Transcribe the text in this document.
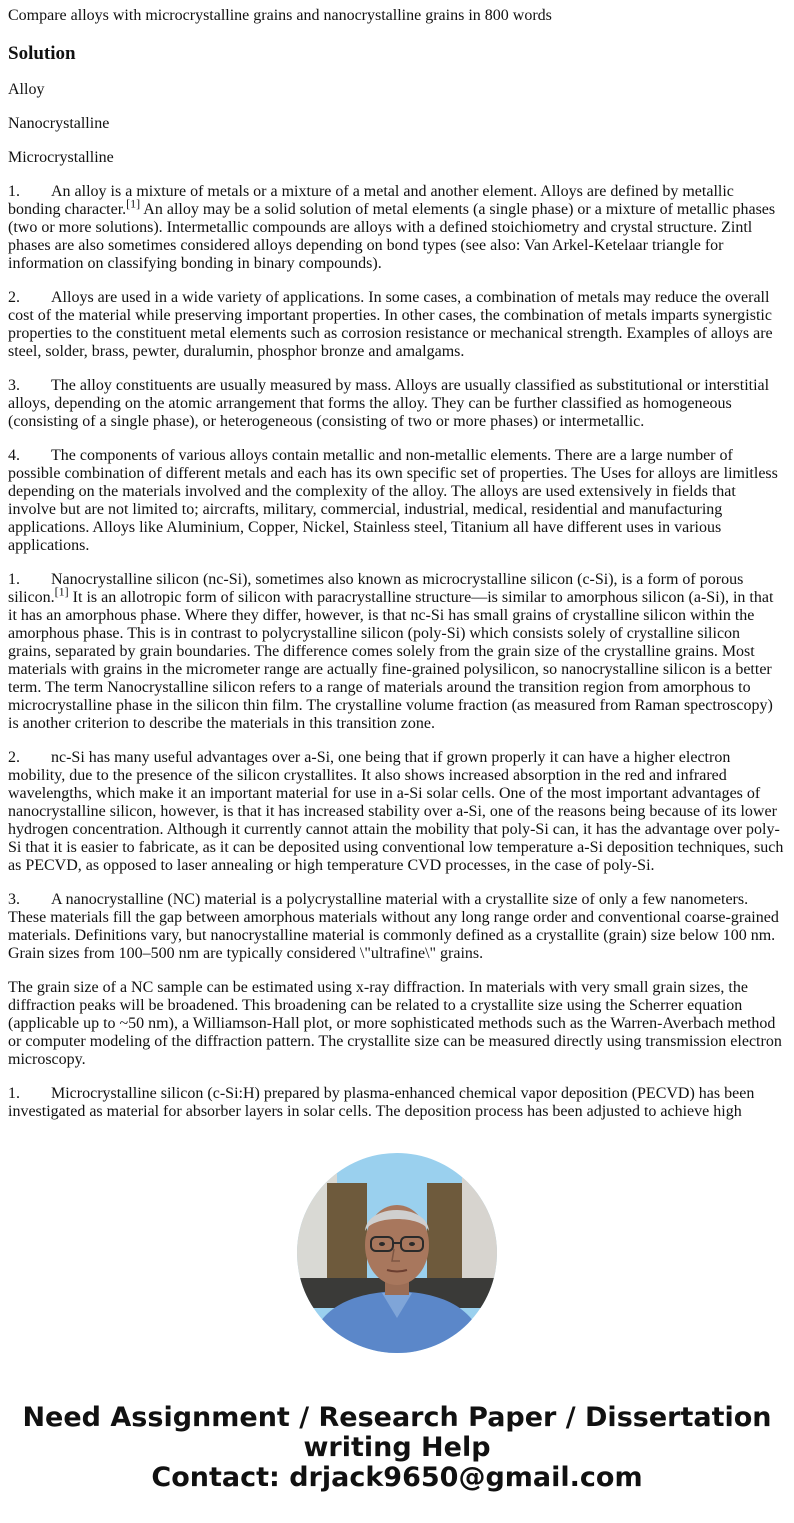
Compare alloys with microcrystalline grains and nanocrystalline grains in 800 words
Solution

Alloy

Nanocrystalline

Microcrystalline

1. An alloy is a mixture of metals or a mixture of a metal and another element. Alloys are defined by metallic bonding character.[1] An alloy may be a solid solution of metal elements (a single phase) or a mixture of metallic phases (two or more solutions). Intermetallic compounds are alloys with a defined stoichiometry and crystal structure. Zintl phases are also sometimes considered alloys depending on bond types (see also: Van Arkel-Ketelaar triangle for information on classifying bonding in binary compounds).

2. Alloys are used in a wide variety of applications. In some cases, a combination of metals may reduce the overall cost of the material while preserving important properties. In other cases, the combination of metals imparts synergistic properties to the constituent metal elements such as corrosion resistance or mechanical strength. Examples of alloys are steel, solder, brass, pewter, duralumin, phosphor bronze and amalgams.

3. The alloy constituents are usually measured by mass. Alloys are usually classified as substitutional or interstitial alloys, depending on the atomic arrangement that forms the alloy. They can be further classified as homogeneous (consisting of a single phase), or heterogeneous (consisting of two or more phases) or intermetallic.

4. The components of various alloys contain metallic and non-metallic elements. There are a large number of possible combination of different metals and each has its own specific set of properties. The Uses for alloys are limitless depending on the materials involved and the complexity of the alloy. The alloys are used extensively in fields that involve but are not limited to; aircrafts, military, commercial, industrial, medical, residential and manufacturing applications. Alloys like Aluminium, Copper, Nickel, Stainless steel, Titanium all have different uses in various applications.

1. Nanocrystalline silicon (nc-Si), sometimes also known as microcrystalline silicon (c-Si), is a form of porous silicon.[1] It is an allotropic form of silicon with paracrystalline structure—is similar to amorphous silicon (a-Si), in that it has an amorphous phase. Where they differ, however, is that nc-Si has small grains of crystalline silicon within the amorphous phase. This is in contrast to polycrystalline silicon (poly-Si) which consists solely of crystalline silicon grains, separated by grain boundaries. The difference comes solely from the grain size of the crystalline grains. Most materials with grains in the micrometer range are actually fine-grained polysilicon, so nanocrystalline silicon is a better term. The term Nanocrystalline silicon refers to a range of materials around the transition region from amorphous to microcrystalline phase in the silicon thin film. The crystalline volume fraction (as measured from Raman spectroscopy) is another criterion to describe the materials in this transition zone.

2. nc-Si has many useful advantages over a-Si, one being that if grown properly it can have a higher electron mobility, due to the presence of the silicon crystallites. It also shows increased absorption in the red and infrared wavelengths, which make it an important material for use in a-Si solar cells. One of the most important advantages of nanocrystalline silicon, however, is that it has increased stability over a-Si, one of the reasons being because of its lower hydrogen concentration. Although it currently cannot attain the mobility that poly-Si can, it has the advantage over poly-Si that it is easier to fabricate, as it can be deposited using conventional low temperature a-Si deposition techniques, such as PECVD, as opposed to laser annealing or high temperature CVD processes, in the case of poly-Si.

3. A nanocrystalline (NC) material is a polycrystalline material with a crystallite size of only a few nanometers. These materials fill the gap between amorphous materials without any long range order and conventional coarse-grained materials. Definitions vary, but nanocrystalline material is commonly defined as a crystallite (grain) size below 100 nm. Grain sizes from 100–500 nm are typically considered \"ultrafine\" grains.

The grain size of a NC sample can be estimated using x-ray diffraction. In materials with very small grain sizes, the diffraction peaks will be broadened. This broadening can be related to a crystallite size using the Scherrer equation (applicable up to ~50 nm), a Williamson-Hall plot, or more sophisticated methods such as the Warren-Averbach method or computer modeling of the diffraction pattern. The crystallite size can be measured directly using transmission electron microscopy.

1. Microcrystalline silicon (c-Si:H) prepared by plasma-enhanced chemical vapor deposition (PECVD) has been investigated as material for absorber layers in solar cells. The deposition process has been adjusted to achieve high

Need Assignment / Research Paper / Dissertation
writing Help
Contact: drjack9650@gmail.com
